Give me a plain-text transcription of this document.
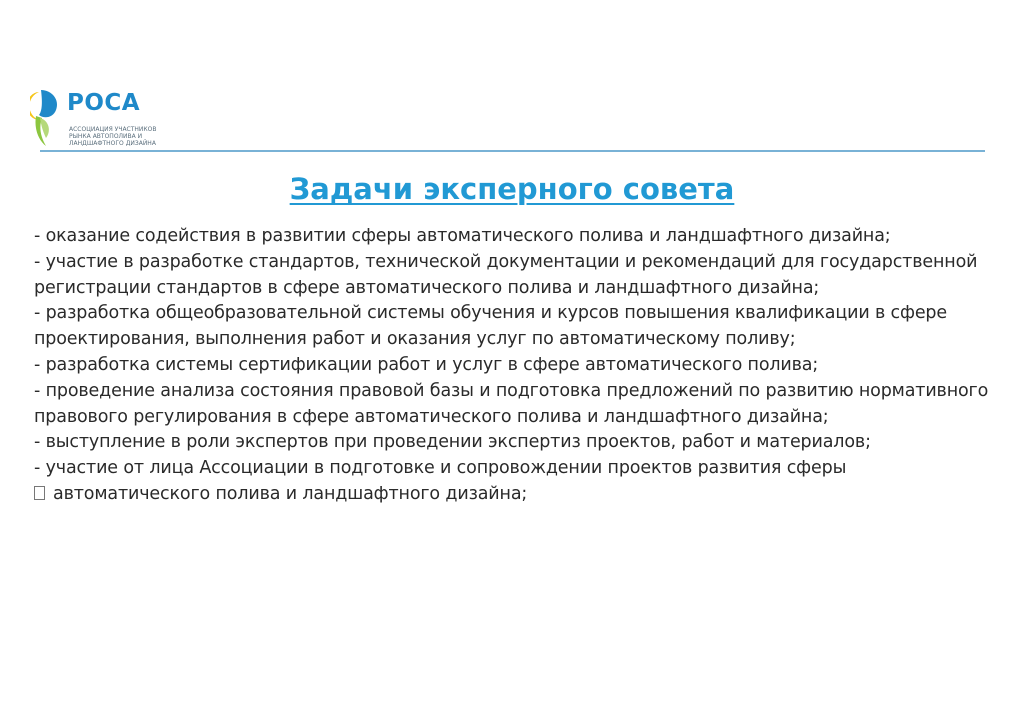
РОСА
АССОЦИАЦИЯ УЧАСТНИКОВ
РЫНКА АВТОПОЛИВА И
ЛАНДШАФТНОГО ДИЗАЙНА
Задачи эксперного совета

- оказание содействия в развитии сферы автоматического полива и ландшафтного дизайна;

- участие в разработке стандартов, технической документации и рекомендаций для государственной регистрации стандартов в сфере автоматического полива и ландшафтного дизайна;

- разработка общеобразовательной системы обучения и курсов повышения квалификации в сфере проектирования, выполнения работ и оказания услуг по автоматическому поливу;

- разработка системы сертификации работ и услуг в сфере автоматического полива;

- проведение анализа состояния правовой базы и подготовка предложений по развитию нормативного правового регулирования в сфере автоматического полива и ландшафтного дизайна;

- выступление в роли экспертов при проведении экспертиз проектов, работ и материалов;

- участие от лица Ассоциации в подготовке и сопровождении проектов развития сферы

автоматического полива и ландшафтного дизайна;
